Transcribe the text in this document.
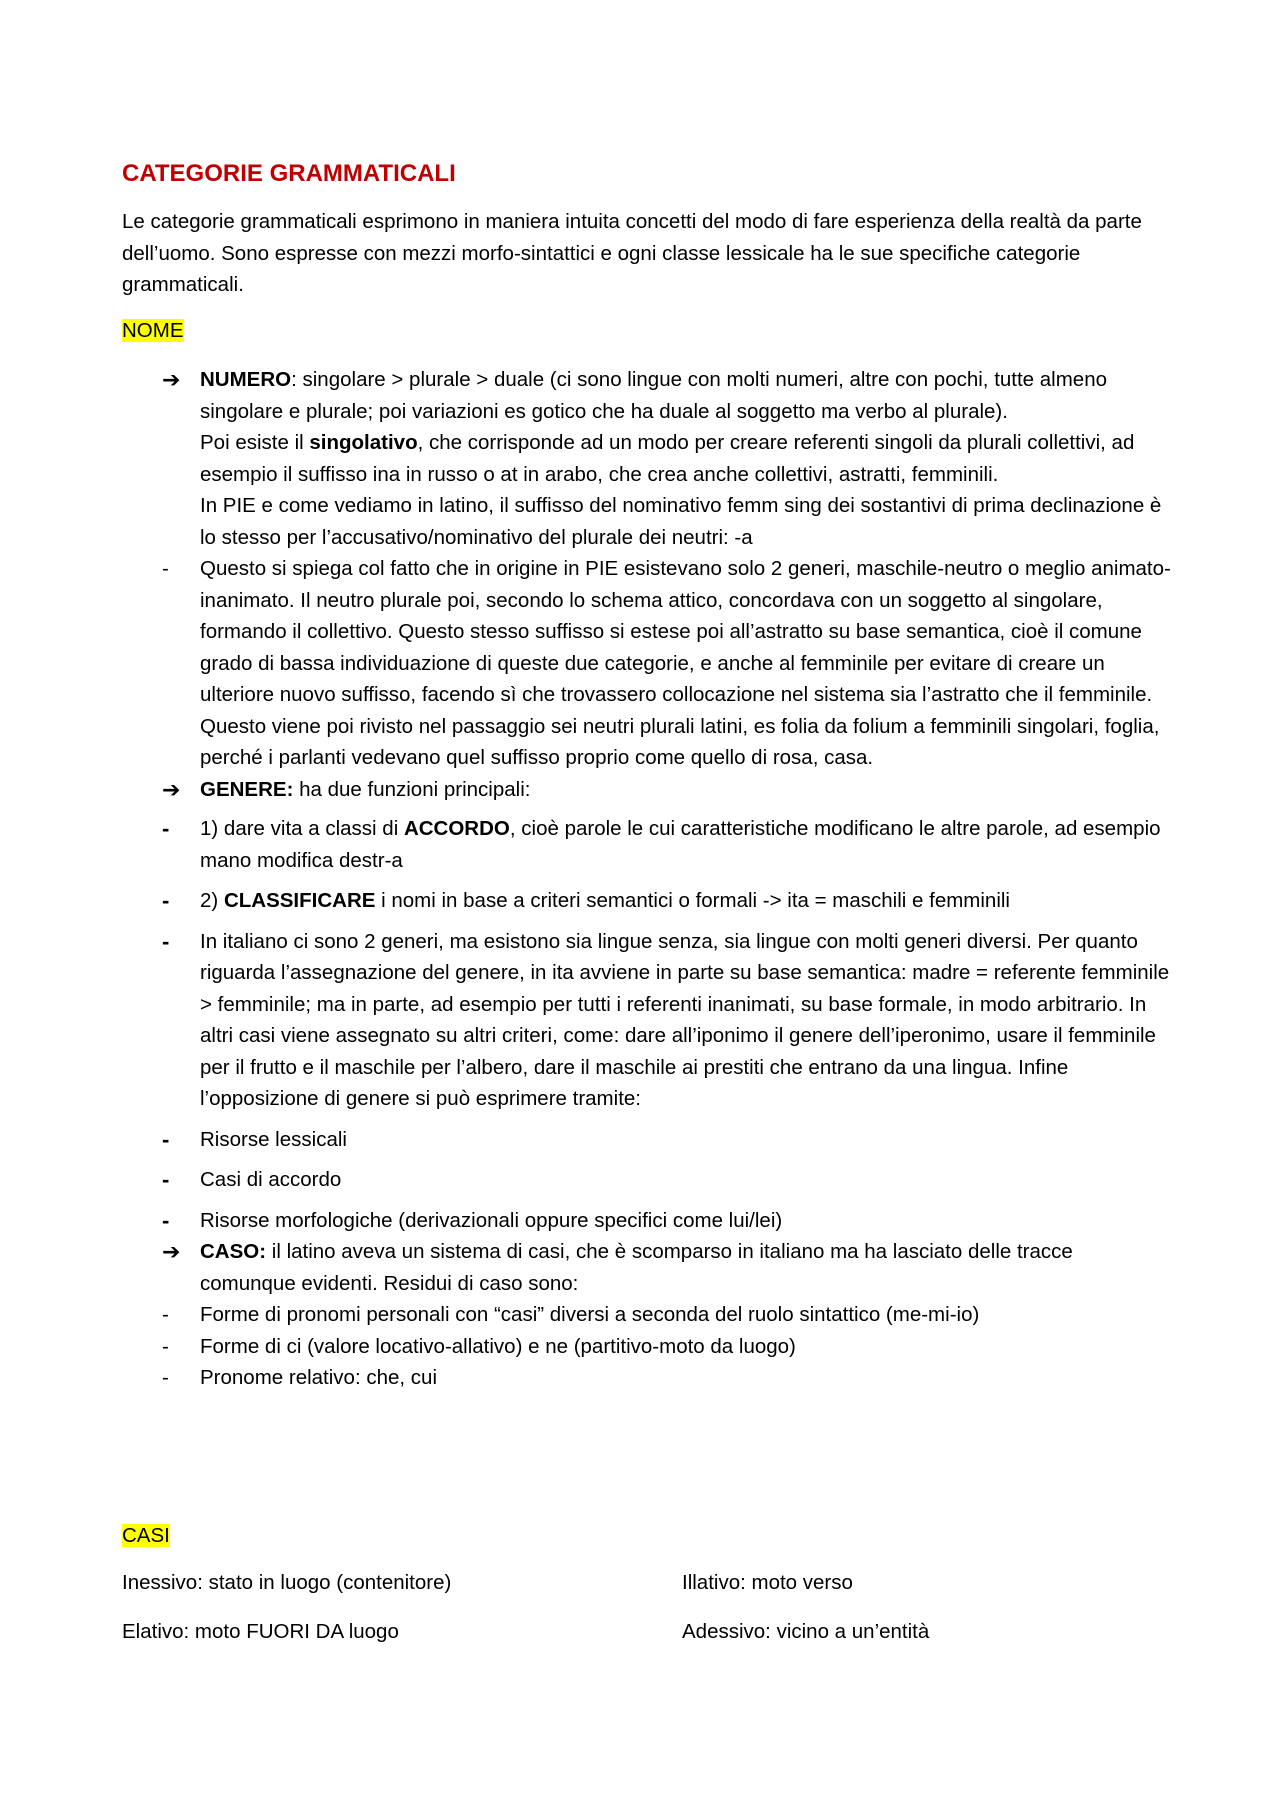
CATEGORIE GRAMMATICALI
Le categorie grammaticali esprimono in maniera intuita concetti del modo di fare esperienza della realtà da parte dell’uomo. Sono espresse con mezzi morfo-sintattici e ogni classe lessicale ha le sue specifiche categorie grammaticali.
NOME
➔ NUMERO: singolare > plurale > duale (ci sono lingue con molti numeri, altre con pochi, tutte almeno singolare e plurale; poi variazioni es gotico che ha duale al soggetto ma verbo al plurale).
Poi esiste il singolativo, che corrisponde ad un modo per creare referenti singoli da plurali collettivi, ad esempio il suffisso ina in russo o at in arabo, che crea anche collettivi, astratti, femminili.
In PIE e come vediamo in latino, il suffisso del nominativo femm sing dei sostantivi di prima declinazione è lo stesso per l’accusativo/nominativo del plurale dei neutri: -a
-	Questo si spiega col fatto che in origine in PIE esistevano solo 2 generi, maschile-neutro o meglio animato-inanimato. Il neutro plurale poi, secondo lo schema attico, concordava con un soggetto al singolare, formando il collettivo. Questo stesso suffisso si estese poi all’astratto su base semantica, cioè il comune grado di bassa individuazione di queste due categorie, e anche al femminile per evitare di creare un ulteriore nuovo suffisso, facendo sì che trovassero collocazione nel sistema sia l’astratto che il femminile.
Questo viene poi rivisto nel passaggio sei neutri plurali latini, es folia da folium a femminili singolari, foglia, perché i parlanti vedevano quel suffisso proprio come quello di rosa, casa.
➔ GENERE: ha due funzioni principali:
-	1) dare vita a classi di ACCORDO, cioè parole le cui caratteristiche modificano le altre parole, ad esempio mano modifica destr-a
-	2) CLASSIFICARE i nomi in base a criteri semantici o formali -> ita = maschili e femminili
-	In italiano ci sono 2 generi, ma esistono sia lingue senza, sia lingue con molti generi diversi. Per quanto riguarda l’assegnazione del genere, in ita avviene in parte su base semantica: madre = referente femminile > femminile; ma in parte, ad esempio per tutti i referenti inanimati, su base formale, in modo arbitrario. In altri casi viene assegnato su altri criteri, come: dare all’iponimo il genere dell’iperonimo, usare il femminile per il frutto e il maschile per l’albero, dare il maschile ai prestiti che entrano da una lingua. Infine l’opposizione di genere si può esprimere tramite:
-	Risorse lessicali
-	Casi di accordo
-	Risorse morfologiche (derivazionali oppure specifici come lui/lei)
➔ CASO: il latino aveva un sistema di casi, che è scomparso in italiano ma ha lasciato delle tracce comunque evidenti. Residui di caso sono:
-	Forme di pronomi personali con “casi” diversi a seconda del ruolo sintattico (me-mi-io)
-	Forme di ci (valore locativo-allativo) e ne (partitivo-moto da luogo)
-	Pronome relativo: che, cui
CASI
Inessivo: stato in luogo (contenitore)	Illativo: moto verso
Elativo: moto FUORI DA luogo	Adessivo: vicino a un’entità
